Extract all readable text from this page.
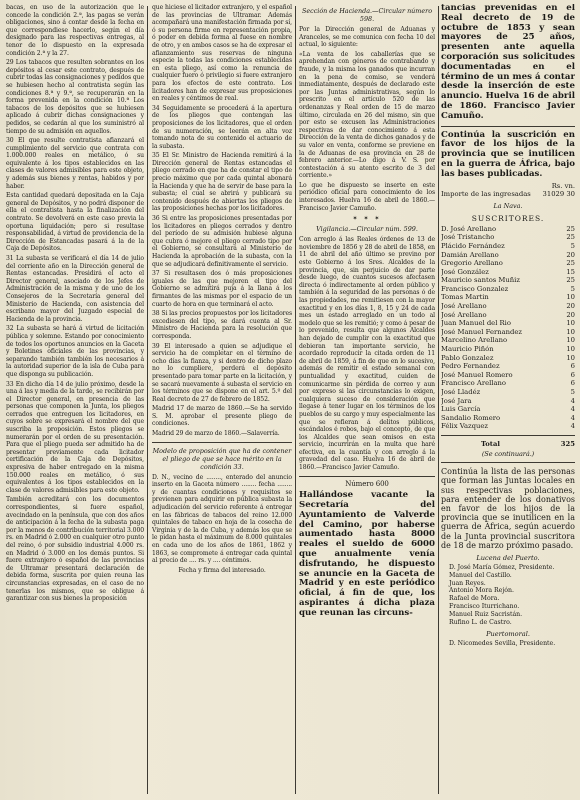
bacas, en uso de la autorización que le concede la condición 2.ª, las pagas se verán obligaciones, sino á contar desde la fecha en que correspondiese hacerlo, según el día designado para las respectivas entregas, al tenor de lo dispuesto en la expresada condición 2.ª y la 27.

29 Los tabacos que resulten sobrantes en los depósitos al cesar este contrato, después de cubrir todas las consignaciones y pedidos que se hubiesen hecho al contratista según las condiciones 8.ª y 9.ª, se recuperarán en la forma prevenida en la condición 10.ª Los tabacos de los depósitos que se hubiesen aplicado á cubrir dichas consignaciones y pedidos, se cedarán al que los suministró al tiempo de su admisión en aquellos.

30 El que resulte contratista afianzará el cumplimiento del servicio que contrata con 1.000.000 reales en metálico, ó su equivalente á los tipos establecidos en las clases de valores admisibles para este objeto, y además sus bienes y rentas, habidos y por haber.

Esta cantidad quedará depositada en la Caja general de Depósitos, y no podrá disponer de ella el contratista hasta la finalización del contrato. Se devolverá en este caso previa la oportuna liquidación; pero si resultase responsabilidad, á virtud de providencia de la Dirección de Estancadas pasará á la de la Caja de Depósitos.

31 La subasta se verificará el día 14 de julio del corriente año en la Dirección general de Rentas estancadas. Presidirá el acto el Director general, asociado de los Jefes de Administración de la misma y de uno de los Consejeros de la Secretaría general del Ministerio de Hacienda, con asistencia del escribano mayor del Juzgado especial de Hacienda de la provincia.

32 La subasta se hará á virtud de licitación pública y solemne. Estando por conocimiento de todos los oportunos anuncios en la Gaceta y Boletines oficiales de las provincias, y separando también también los necesarios á la autoridad superior de la isla de Cuba para que disponga su publicación.

33 En dicho día 14 de julio próximo, desde la una á las y media de la tarde, se recibirán por el Director general, en presencia de las personas que componen la Junta, los pliegos cerrados que entreguen los licitadores, en cuyos sobre se expresará el nombre del que suscriba la proposición. Estos pliegos se numerarán por el orden de su presentación. Para que el pliego pueda ser admitido ha de presentar previamente cada licitador certificación de la Caja de Depósitos, expresiva de haber entregado en la misma 150.000 reales en metálico, ó sus equivalentes á los tipos establecidos en la clase de valores admisibles para este objeto.

También acreditará con los documentos correspondientes, si fuere español, avecindado en la península, que con dos años de anticipación á la fecha de la subasta paga por la menos de contribución territorial 3.000 rs. en Madrid ó 2.000 en cualquier otro punto del reino, ó por subsidio industrial 4.000 rs. en Madrid ó 3.000 en los demás puntos. Si fuere extranjero ó español de las provincias de Ultramar presentará declaración de debida forma, suscrita por quien reuna las circunstancias expresadas, en el caso de no tenerlas los mismos, que se obligue á garantizar con sus bienes la proposición

que hiciese el licitador extranjero, y el español de las provincias de Ultramar. Además acompañará una manifestación firmada por sí, ó su persona firme en representación propia, ó poder en debida forma al fuese en nombre de otro, y en ambos casos se ha de expresar el afianzamiento sus reservas de ninguna especie la todas las condiciones establecidas en esta pliego, así como la renuncia de cualquier fuero ó privilegio si fuere extranjero para los efectos de este contrato. Los licitadores han de expresar sus proposiciones en reales y céntimos de real.

34 Seguidamente se procederá á la apertura de los pliegos que contengan las proposiciones de los licitadores, que el orden de su numeración, se leerán en alta voz tomando nota de su contenido el actuario de la subasta.

35 El Sr. Ministro de Hacienda remitirá á la Dirección general de Rentas estancadas el pliego cerrado en que ha de constar el tipo de precio máximo que por cada quintal abonará la Hacienda y que ha de servir de base para la subasta; el cual se abrirá y publicará su contenido después de abiertas los pliegos de las proposiciones hechas por los licitadores.

36 Si entre las proposiciones presentadas por los licitadores en pliegos cerrados y dentro del período de su admisión hubiese alguna que cubra ó mejore el pliego cerrado tipo por el Gobierno, se consultará al Ministerio de Hacienda la aprobación de la subasta, con la que se adjudicará definitivamente el servicio.

37 Si resultasen dos ó más proposiciones iguales de las que mejoren el tipo del Gobierno se admitirá puja á la llana á los firmantes de las mismas por el espacio de un cuarto de hora en que terminará el acto.

38 Si las precios propuestos por los licitadores excediesen del tipo, se dará cuenta al Sr. Ministro de Hacienda para la resolución que corresponda.

39 El interesado a quien se adjudique el servicio ha de completar en el término de ocho días la fianza, y si dentro de dicho plazo no lo cumpliere, perderá el depósito presentado para tomar parte en la licitación, y se sacará nuevamente á subasta el servicio en los términos que se dispone en el art. 5.º del Real decreto de 27 de febrero de 1852.

Madrid 17 de marzo de 1860.—Se ha servido S. M. aprobar el presente pliego de condiciones.

Madrid 29 de marzo de 1860.—Salaverría.

Modelo de proposición que ha de contener el pliego de que se hace mérito en la condición 33.

D. N., vecino de ........, enterado del anuncio inserto en la Gaceta número ........ fecha ........ y de cuantas condiciones y requisitos se previenen para adquirir en pública subasta la adjudicación del servicio referente á entregar en las fábricas de tabacos del reino 12.000 quintales de tabaco en hoja de la cosecha de Virginia y de la de Cuba, y además los que se le pidan hasta el máximum de 8.000 quintales en cada uno de los años de 1861, 1862 y 1863, se compromete á entregar cada quintal al precio de .... rs. y .... céntimos.

Fecha y firma del interesado.

Sección de Hacienda.—Circular número 598.

Por la Dirección general de Aduanas y Aranceles, se me comunica con fecha 10 del actual, lo siguiente:

«La venta de los caballerías que se aprehendan con géneros de contrabando y fraude, y la misma los ganados que incurran en la pena de comiso, se venderá inmediatamente, después de declarado este por las Juntas administrativas, según lo prescrito en el artículo 520 de las ordenanzas y Real orden de 15 de marzo último, circulada en 26 del mismo, sin que por esto se excusen las Administraciones respectivas de dar conocimiento á esta Dirección de la venta de dichos ganados y de su valor en venta, conforme se previene en la de Aduanas de esa provincia en 28 de febrero anterior.—Lo digo á V. S. por contestación á su atento escrito de 3 del corriente.»

Lo que he dispuesto se inserte en este periódico oficial para conocimiento de los interesados. Huelva 16 de abril de 1860.—Francisco Javier Camuño.

✶ ✶ ✶

Vigilancia.—Circular núm. 599.

Con arreglo á las Reales órdenes de 13 de noviembre de 1856 y 28 de abril de 1858, en 11 de abril del año último se previno por este Gobierno á los Sres. Alcaldes de la provincia, que, sin perjuicio de dar parte desde luego, de cuantos sucesos afectasen directa ó indirectamente al orden público y también á la seguridad de las personas ó de las propiedades, me remitiesen con la mayor exactitud y en los días 1, 8, 15 y 24 de cada mes un estado arreglado en un todo al modelo que se les remitió; y como á pesar de lo prevenido, resulta que algunos Alcaldes han dejado de cumplir con la exactitud que debieran tan importante servicio, he acordado reproducir la citada orden de 11 de abril de 1859, á fin de que en lo sucesivo, además de remitir el estado semanal con puntualidad y exactitud, cuiden de comunicarme sin pérdida de correo y aun por expreso si las circunstancias lo exigen, cualquiera suceso de consideración que llegase á tener lugar en los términos de los pueblos de su cargo y muy especialmente las que se refieran á delitos públicos, escándalos é robos, bajo el concepto, de que los Alcaldes que sean omisos en esta servicio, incurrirán en la multa que haré efectiva, en la cuantía y con arreglo á la gravedad del caso. Huelva 16 de abril de 1860.—Francisco Javier Camuño.

Número 600

Hallándose vacante la Secretaría del Ayuntamiento de Valverde del Camino, por haberse aumentado hasta 8000 reales el sueldo de 6000 que anualmente venía disfrutando, he dispuesto se anuncie en la Gaceta de Madrid y en este periódico oficial, á fin de que, los aspirantes á dicha plaza que reunan las circuns-

tancias prevenidas en el Real decreto de 19 de octubre de 1853 y sean mayores de 25 años, presenten ante aquella corporación sus solicitudes documentadas en el término de un mes á contar desde la inserción de este anuncio. Huelva 16 de abril de 1860. Francisco Javier Camuño.

Continúa la suscrición en favor de los hijos de la provincia que se inutilicen en la guerra de África, bajo las bases publicadas.

Rs. vn.
Importe de las ingresadas 31029 30

La Nava.

SUSCRITORES.
D. José Arellano	25
José Tristancho	25
Plácido Fernández	5
Damián Arellano	20
Gregorio Arellano	25
José González	15
Mauricio santos Muñiz	25
Francisco Gonzalez	5
Tomas Martin	10
José Arellano	20
José Arellano	20
Juan Manuel del Rio	10
José Manuel Fernandez	10
Marcelino Arellano	10
Mauricio Piñón	10
Pablo Gonzalez	10
Pedro Fernandez	6
José Manuel Romero	6
Francisco Arellano	6
José Lladéz	5
José Jara	4
Luis García	4
Sandalio Romero	4
Félix Vazquez	4
Total	325

(Se continuará.)

Continúa la lista de las personas que forman las Juntas locales en sus respectivas poblaciones, para entender de los donativos en favor de los hijos de la provincia que se inutilicen en la guerra de África, según acuerdo de la Junta provincial suscritora de 18 de marzo próximo pasado.

Lucena del Puerto.

D. José María Gómez, Presidente.
Manuel del Castillo.
Juan Reyes.
Antonio Mora Rejón.
Rafael de Mora.
Francisco Iturrichano.
Manuel Ruiz Sacristán.
Rufino L. de Castro.

Puertomoral.

D. Nicomedes Sevilla, Presidente.
